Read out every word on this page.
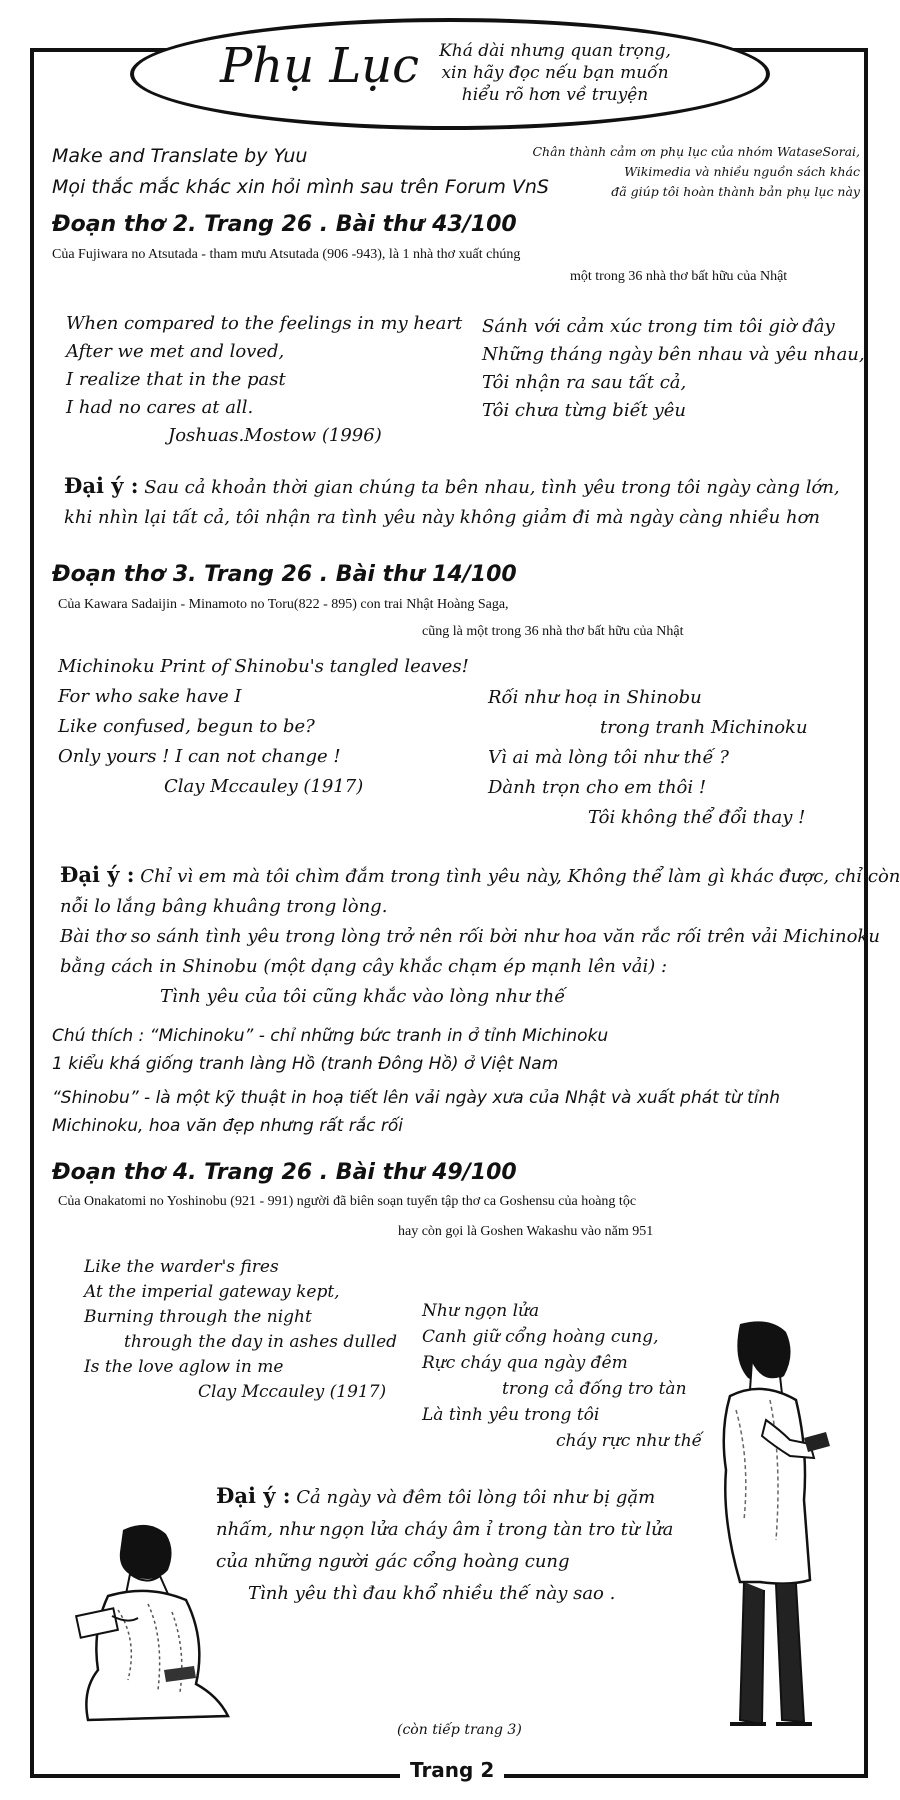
Phụ Lục	Khá dài nhưng quan trọng,
xin hãy đọc nếu bạn muốn
hiểu rõ hơn về truyện
Make and Translate by Yuu
Mọi thắc mắc khác xin hỏi mình sau trên Forum VnS
Chân thành cảm ơn phụ lục của nhóm WataseSorai,
Wikimedia và nhiều nguồn sách khác
đã giúp tôi hoàn thành bản phụ lục này
Đoạn thơ 2. Trang 26 . Bài thư 43/100
Của Fujiwara no Atsutada - tham mưu Atsutada (906 -943), là 1 nhà thơ xuất chúng
một trong 36 nhà thơ bất hữu của Nhật
When compared to the feelings in my heart
After we met and loved,
I realize that in the past
I had no cares at all.
Joshuas.Mostow (1996)
Sánh với cảm xúc trong tim tôi giờ đây
Những tháng ngày bên nhau và yêu nhau,
Tôi nhận ra sau tất cả,
Tôi chưa từng biết yêu
Đại ý : Sau cả khoản thời gian chúng ta bên nhau, tình yêu trong tôi ngày càng lớn,
khi nhìn lại tất cả, tôi nhận ra tình yêu này không giảm đi mà ngày càng nhiều hơn
Đoạn thơ 3. Trang 26 . Bài thư 14/100
Của Kawara Sadaijin - Minamoto no Toru(822 - 895) con trai Nhật Hoàng Saga,
cũng là một trong 36 nhà thơ bất hữu của Nhật
Michinoku Print of Shinobu's tangled leaves!
For who sake have I
Like confused, begun to be?
Only yours ! I can not change !
Clay Mccauley (1917)
Rối như hoạ in Shinobu
trong tranh Michinoku
Vì ai mà lòng tôi như thế ?
Dành trọn cho em thôi !
Tôi không thể đổi thay !
Đại ý : Chỉ vì em mà tôi chìm đắm trong tình yêu này, Không thể làm gì khác được, chỉ còn
nỗi lo lắng bâng khuâng trong lòng.
Bài thơ so sánh tình yêu trong lòng trở nên rối bời như hoa văn rắc rối trên vải Michinoku
bằng cách in Shinobu (một dạng cây khắc chạm ép mạnh lên vải) :
Tình yêu của tôi cũng khắc vào lòng như thế
Chú thích : “Michinoku” - chỉ những bức tranh in ở tỉnh Michinoku
1 kiểu khá giống tranh làng Hồ (tranh Đông Hồ) ở Việt Nam
“Shinobu” - là một kỹ thuật in hoạ tiết lên vải ngày xưa của Nhật và xuất phát từ tỉnh
Michinoku, hoa văn đẹp nhưng rất rắc rối
Đoạn thơ 4. Trang 26 . Bài thư 49/100
Của Onakatomi no Yoshinobu (921 - 991) người đã biên soạn tuyển tập thơ ca Goshensu của hoàng tộc
hay còn gọi là Goshen Wakashu vào năm 951
Like the warder's fires
At the imperial gateway kept,
Burning through the night
through the day in ashes dulled
Is the love aglow in me
Clay Mccauley (1917)
Như ngọn lửa
Canh giữ cổng hoàng cung,
Rực cháy qua ngày đêm
trong cả đống tro tàn
Là tình yêu trong tôi
cháy rực như thế
Đại ý : Cả ngày và đêm tôi lòng tôi như bị gặm
nhấm, như ngọn lửa cháy âm ỉ trong tàn tro từ lửa
của những người gác cổng hoàng cung
Tình yêu thì đau khổ nhiều thế này sao .
(còn tiếp trang 3)
Trang 2
